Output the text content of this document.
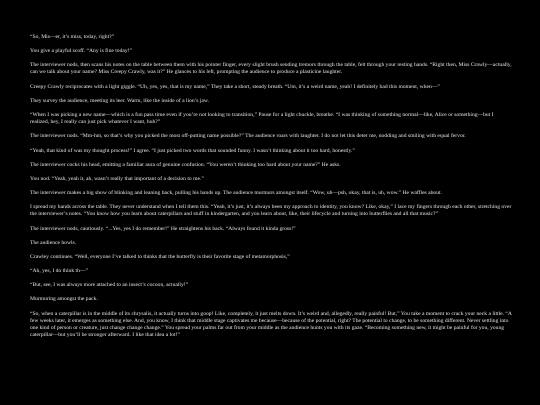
“So, Mis—er, it’s miss, today, right?”

You give a playful scoff. “Any is fine today!”

The interviewer nods, then scans his notes on the table between them with his pointer finger, every slight brush sending tremors through the table, felt through your resting hands. “Right then, Miss Crawly—actually, can we talk about your name? Miss Creepy Crawly, was it?” He glances to his left, prompting the audience to produce a plasticine laughter.

Creepy Crawly reciprocates with a light giggle. “Uh, yes, yes, that is my name,” They take a short, steady breath. “Um, it’s a weird name, yeah! I definitely had this moment, when—”

They survey the audience, meeting its leer. Warm, like the inside of a lion’s jaw.

“When I was picking a new name—which is a fun pass time even if you’re not looking to transition,” Pause for a light chuckle, breathe. “I was thinking of something normal—like, Alice or something—but I realized, hey, I really can just pick whatever I want, huh?”

The interviewer nods. “Mm-hm, so that’s why you picked the most off-putting name possible?” The audience roars with laughter. I do not let this deter me, nodding and smiling with equal fervor.

“Yeah, that kind of was my thought process!” I agree. “I just picked two words that sounded funny. I wasn’t thinking about it too hard, honestly.”

The interviewer cocks his head, emitting a familiar aura of genuine confusion. “You weren’t thinking too hard about your name?” He asks.

You nod. “Yeah, yeah it, ah, wasn’t really that important of a decision to me.”

The interviewer makes a big show of blinking and leaning back, pulling his hands up. The audience murmurs amongst itself. “Wow, uh—psh, okay, that is, uh, wow.” He waffles about.

I spread my hands across the table. They never understand when I tell them this. “Yeah, it’s just, it’s always been my approach to identity, you know? Like, okay,” I lace my fingers through each other, stretching over the interviewer’s notes. “You know how you learn about caterpillars and stuff in kindergarten, and you learn about, like, their lifecycle and turning into butterflies and all that music?”

The interviewer nods, cautiously. “...Yes, yes I do remember!” He straightens his back. “Always found it kinda gross!”

The audience howls.

Crawley continues. “Well, everyone I’ve talked to thinks that the butterfly is their favorite stage of metamorphosis,”

“Ah, yes, I do think th—”

“But, see, I was always more attached to an insect’s cocoon, actually!”

Murmuring amongst the pack.

“So, when a caterpillar is in the middle of its chrysalis, it actually turns into goop! Like, completely, it just melts down. It’s weird and, allegedly, really painful! But,” You take a moment to crack your neck a little. “A few weeks later, it emerges as something else. And, you know, I think that middle stage captivates me because—because of the potential, right? The potential to change, to be something different. Never settling into one kind of person or creature, just change change change.” You spread your palms far out from your middle as the audience hunts you with its gaze. “Becoming something new, it might be painful for you, young caterpillar—but you’ll be stronger afterward. I like that idea a lot!”
